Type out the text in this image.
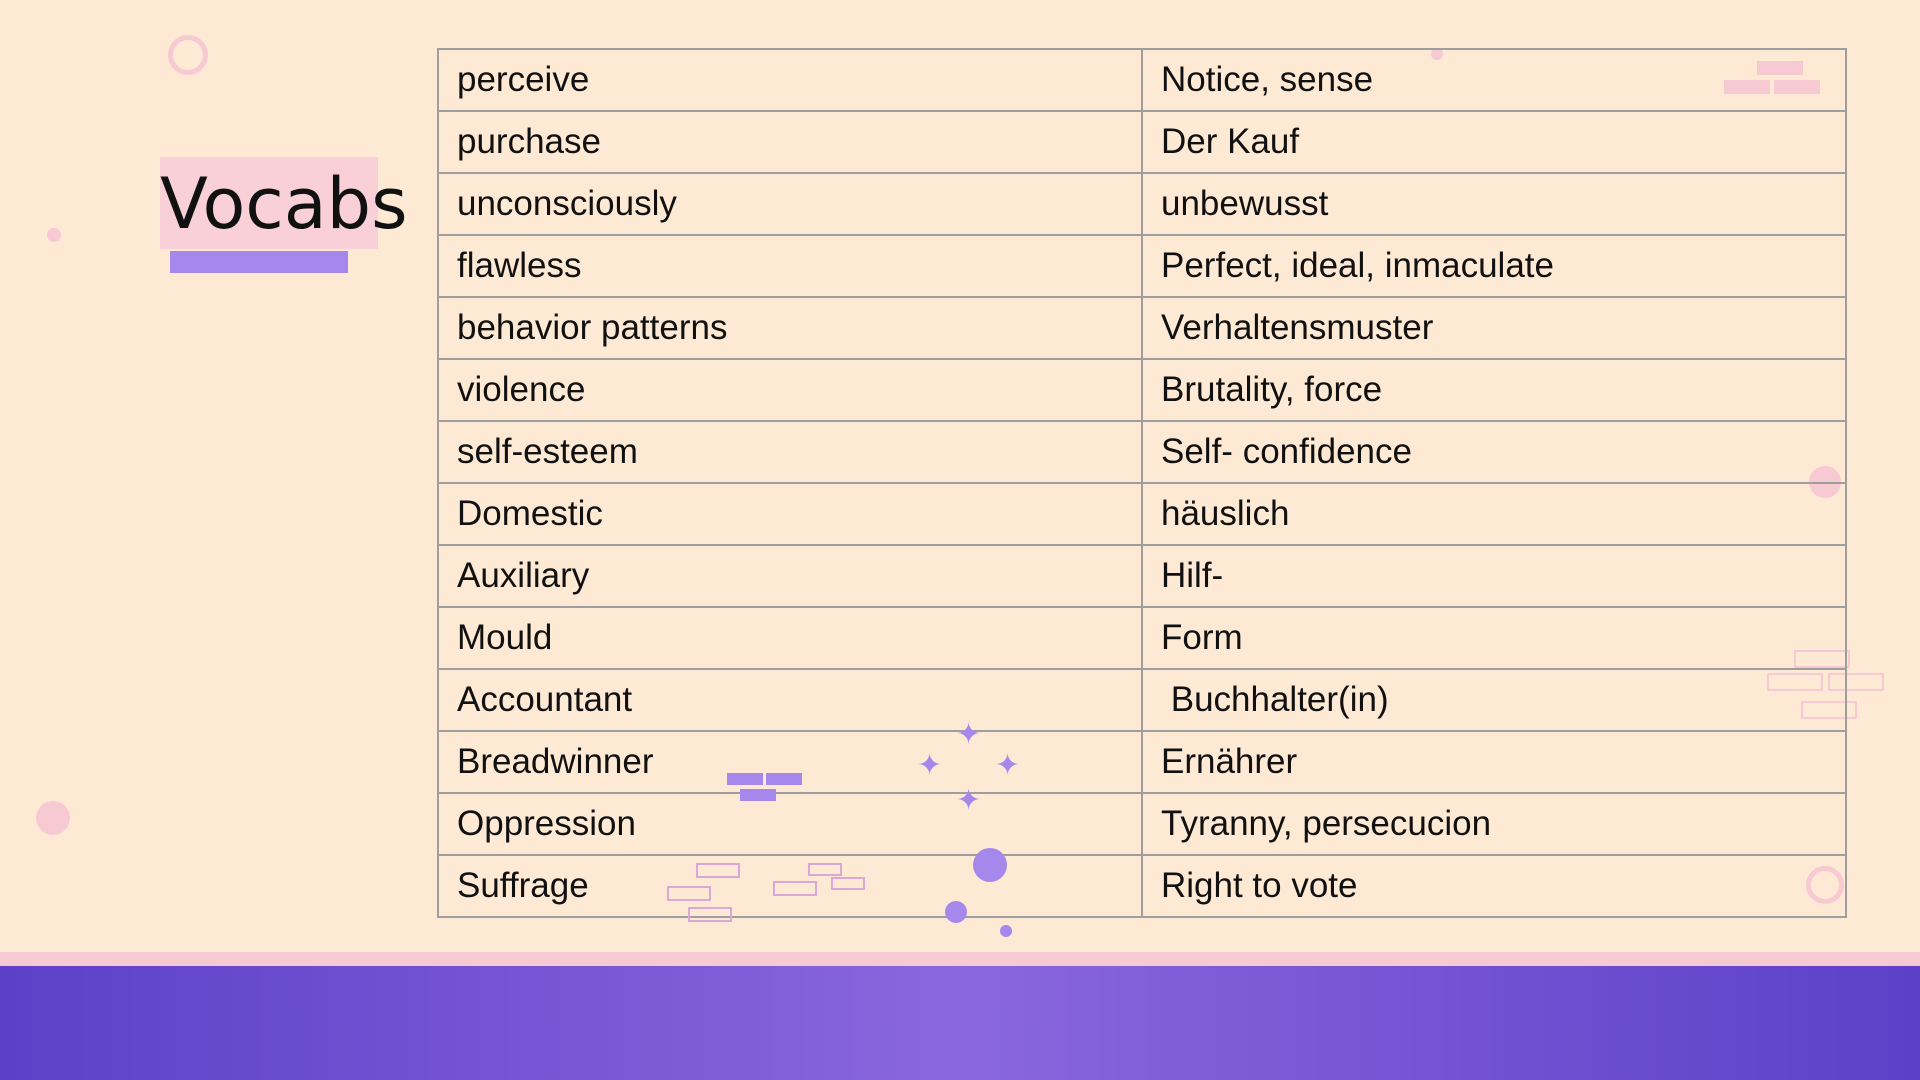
Vocabs
perceive	Notice, sense
purchase	Der Kauf
unconsciously	unbewusst
flawless	Perfect, ideal, inmaculate
behavior patterns	Verhaltensmuster
violence	Brutality, force
self-esteem	Self- confidence
Domestic	häuslich
Auxiliary	Hilf-
Mould	Form
Accountant	Buchhalter(in)
Breadwinner	Ernährer
Oppression	Tyranny, persecucion
Suffrage	Right to vote
✦
✦ ✦
✦
